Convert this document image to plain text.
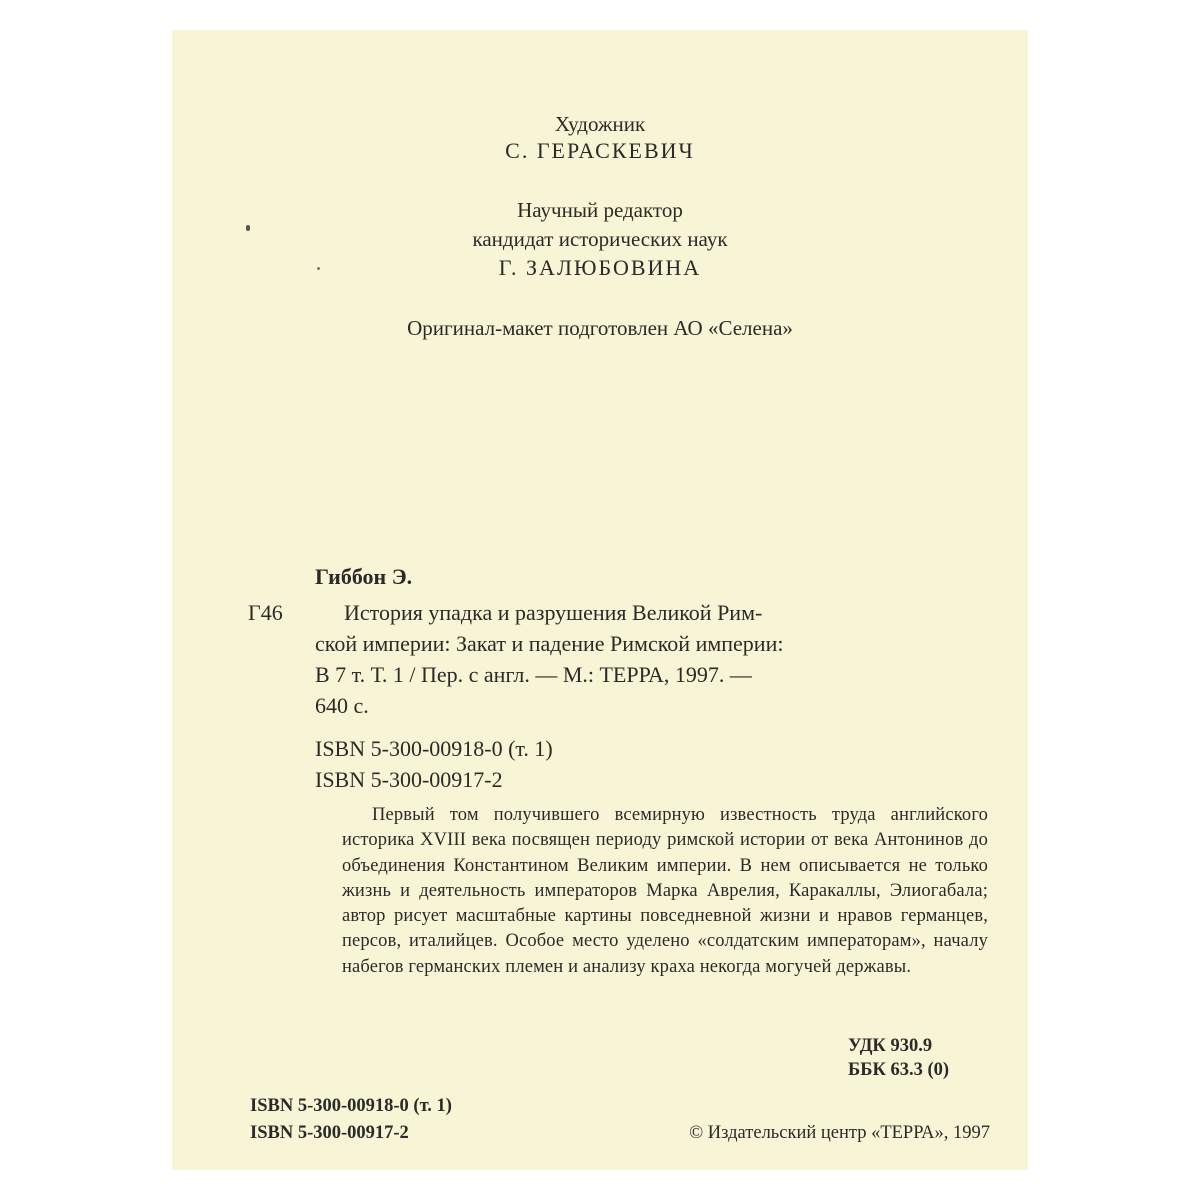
Художник
С. ГЕРАСКЕВИЧ
Научный редактор
кандидат исторических наук
Г. ЗАЛЮБОВИНА
Оригинал-макет подготовлен АО «Селена»
Гиббон Э.
Г46	История упадка и разрушения Великой Рим-
ской империи: Закат и падение Римской империи:
В 7 т. Т. 1 / Пер. с англ. — М.: ТЕРРА, 1997. —
640 с.
ISBN 5-300-00918-0 (т. 1)
ISBN 5-300-00917-2
Первый том получившего всемирную известность труда английского историка XVIII века посвящен периоду римской истории от века Антонинов до объединения Константином Великим империи. В нем описывается не только жизнь и деятельность императоров Марка Аврелия, Каракаллы, Элиогабала; автор рисует масштабные картины повседневной жизни и нравов германцев, персов, италийцев. Особое место уделено «солдатским императорам», началу набегов германских племен и анализу краха некогда могучей державы.
УДК 930.9
ББК 63.3 (0)
ISBN 5-300-00918-0 (т. 1)
ISBN 5-300-00917-2	© Издательский центр «ТЕРРА», 1997
